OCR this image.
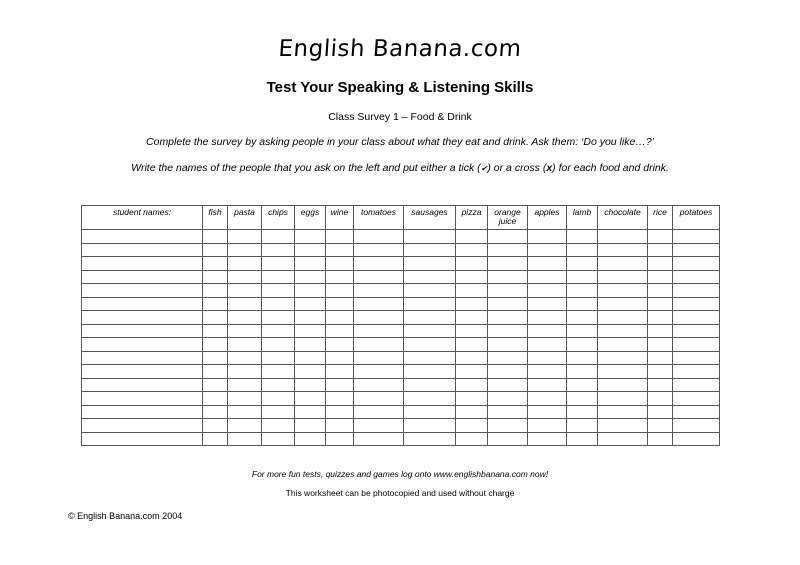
English Banana.com
Test Your Speaking & Listening Skills
Class Survey 1 – Food & Drink
Complete the survey by asking people in your class about what they eat and drink. Ask them: ‘Do you like…?’
Write the names of the people that you ask on the left and put either a tick (✔) or a cross (x) for each food and drink.
student names:	fish	pasta	chips	eggs	wine	tomatoes	sausages	pizza	orange juice	apples	lamb	chocolate	rice	potatoes

For more fun tests, quizzes and games log onto www.englishbanana.com now!
This worksheet can be photocopied and used without charge
© English Banana.com 2004
